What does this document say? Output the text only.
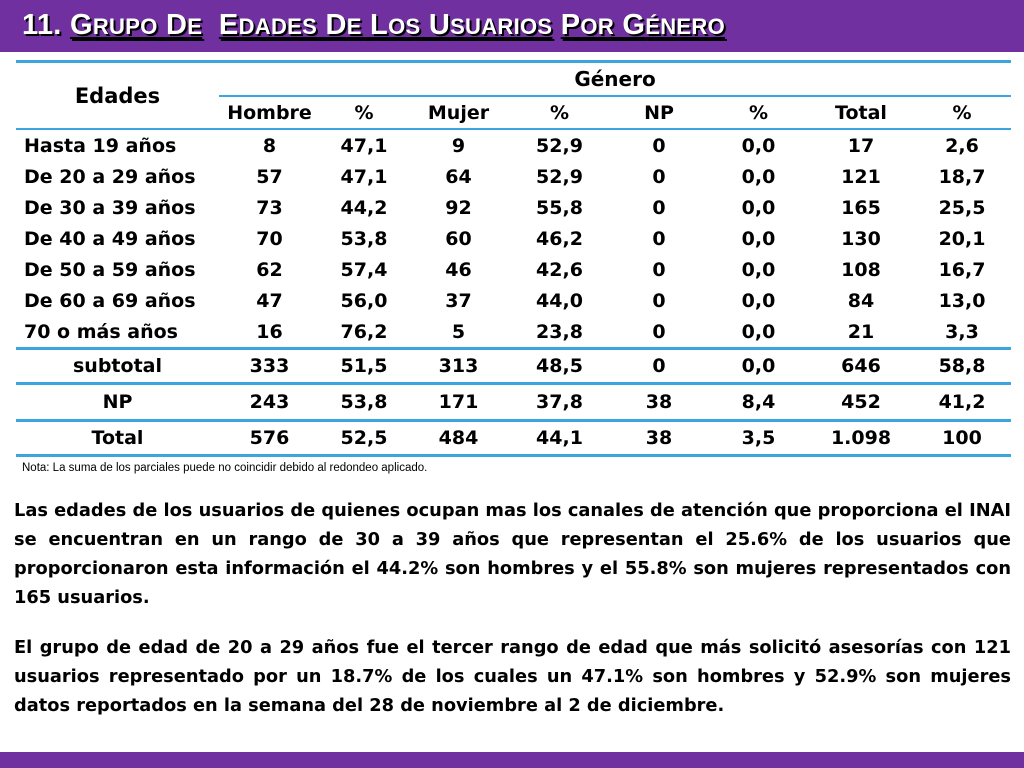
11. GRUPO DE EDADES DE LOS USUARIOS POR GÉNERO
Edades	Género							
	Hombre	%	Mujer	%	NP	%	Total	%
Hasta 19 años	8	47,1	9	52,9	0	0,0	17	2,6
De 20 a 29 años	57	47,1	64	52,9	0	0,0	121	18,7
De 30 a 39 años	73	44,2	92	55,8	0	0,0	165	25,5
De 40 a 49 años	70	53,8	60	46,2	0	0,0	130	20,1
De 50 a 59 años	62	57,4	46	42,6	0	0,0	108	16,7
De 60 a 69 años	47	56,0	37	44,0	0	0,0	84	13,0
70 o más años	16	76,2	5	23,8	0	0,0	21	3,3
subtotal	333	51,5	313	48,5	0	0,0	646	58,8
NP	243	53,8	171	37,8	38	8,4	452	41,2
Total	576	52,5	484	44,1	38	3,5	1.098	100
Nota: La suma de los parciales puede no coincidir debido al redondeo aplicado.

Las edades de los usuarios de quienes ocupan mas los canales de atención que proporciona el INAI se encuentran en un rango de 30 a 39 años que representan el 25.6% de los usuarios que proporcionaron esta información el 44.2% son hombres y el 55.8% son mujeres representados con 165 usuarios.

El grupo de edad de 20 a 29 años fue el tercer rango de edad que más solicitó asesorías con 121 usuarios representado por un 18.7% de los cuales un 47.1% son hombres y 52.9% son mujeres datos reportados en la semana del 28 de noviembre al 2 de diciembre.
